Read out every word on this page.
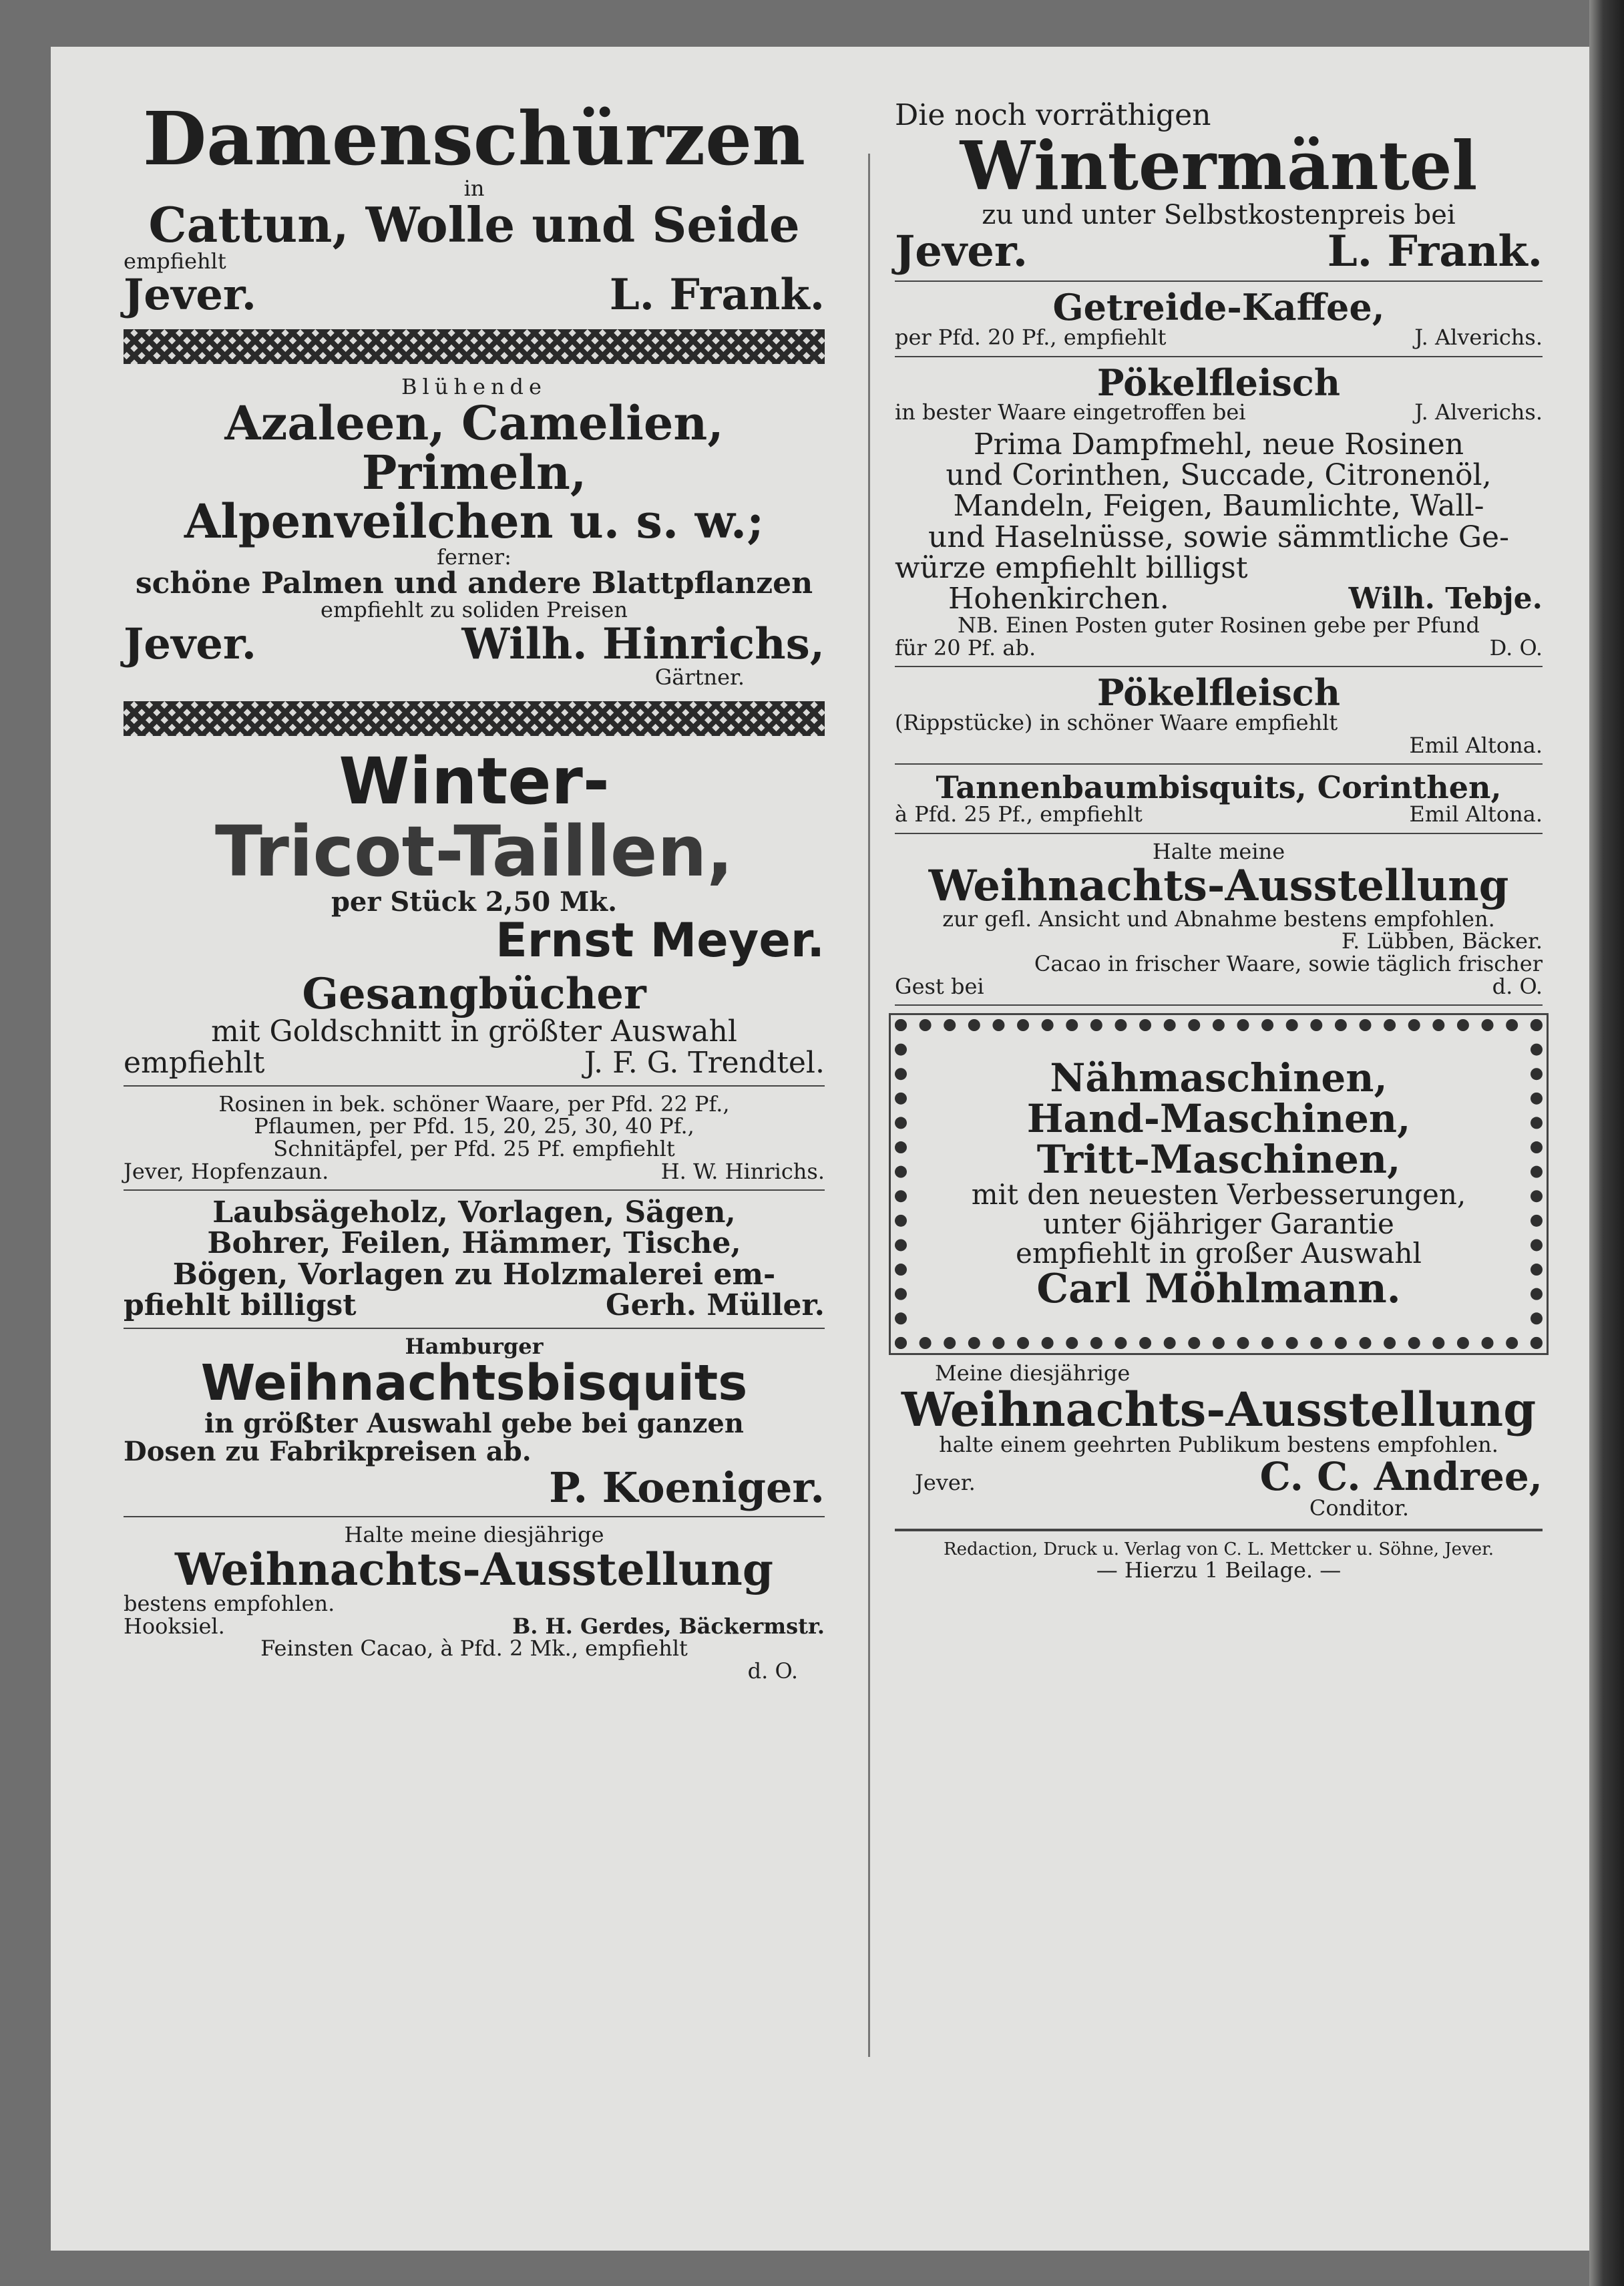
Damenschürzen

in

Cattun, Wolle und Seide

empfiehlt

Jever.	L. Frank.

Blühende

Azaleen, Camelien, Primeln,

Alpenveilchen u. s. w.;

ferner:

schöne Palmen und andere Blattpflanzen

empfiehlt zu soliden Preisen

Jever.	Wilh. Hinrichs,

Gärtner.

Winter-

Tricot-Taillen,

per Stück 2,50 Mk.

Ernst Meyer.

Gesangbücher

mit Goldschnitt in größter Auswahl

empfiehlt	J. F. G. Trendtel.

Rosinen in bek. schöner Waare, per Pfd. 22 Pf.,

Pflaumen, per Pfd. 15, 20, 25, 30, 40 Pf.,

Schnitäpfel, per Pfd. 25 Pf. empfiehlt

Jever, Hopfenzaun.	H. W. Hinrichs.

Laubsägeholz, Vorlagen, Sägen,

Bohrer, Feilen, Hämmer, Tische,

Bögen, Vorlagen zu Holzmalerei em-

pfiehlt billigst	Gerh. Müller.

Hamburger

Weihnachtsbisquits

in größter Auswahl gebe bei ganzen

Dosen zu Fabrikpreisen ab.

P. Koeniger.

Halte meine diesjährige

Weihnachts-Ausstellung

bestens empfohlen.

Hooksiel.	B. H. Gerdes, Bäckermstr.

Feinsten Cacao, à Pfd. 2 Mk., empfiehlt

d. O.

Die noch vorräthigen

Wintermäntel

zu und unter Selbstkostenpreis bei

Jever.	L. Frank.

Getreide-Kaffee,

per Pfd. 20 Pf., empfiehlt	J. Alverichs.

Pökelfleisch

in bester Waare eingetroffen bei	J. Alverichs.

Prima Dampfmehl, neue Rosinen

und Corinthen, Succade, Citronenöl,

Mandeln, Feigen, Baumlichte, Wall-

und Haselnüsse, sowie sämmtliche Ge-

würze empfiehlt billigst

Hohenkirchen.	Wilh. Tebje.

NB. Einen Posten guter Rosinen gebe per Pfund

für 20 Pf. ab.	D. O.

Pökelfleisch

(Rippstücke) in schöner Waare empfiehlt

Emil Altona.

Tannenbaumbisquits, Corinthen,

à Pfd. 25 Pf., empfiehlt	Emil Altona.

Halte meine

Weihnachts-Ausstellung

zur gefl. Ansicht und Abnahme bestens empfohlen.

F. Lübben, Bäcker.

Cacao in frischer Waare, sowie täglich frischer

Gest bei	d. O.

Nähmaschinen,

Hand-Maschinen,

Tritt-Maschinen,

mit den neuesten Verbesserungen,

unter 6jähriger Garantie

empfiehlt in großer Auswahl

Carl Möhlmann.

Meine diesjährige

Weihnachts-Ausstellung

halte einem geehrten Publikum bestens empfohlen.

Jever.	C. C. Andree,

Conditor.

Redaction, Druck u. Verlag von C. L. Mettcker u. Söhne, Jever.

— Hierzu 1 Beilage. —
